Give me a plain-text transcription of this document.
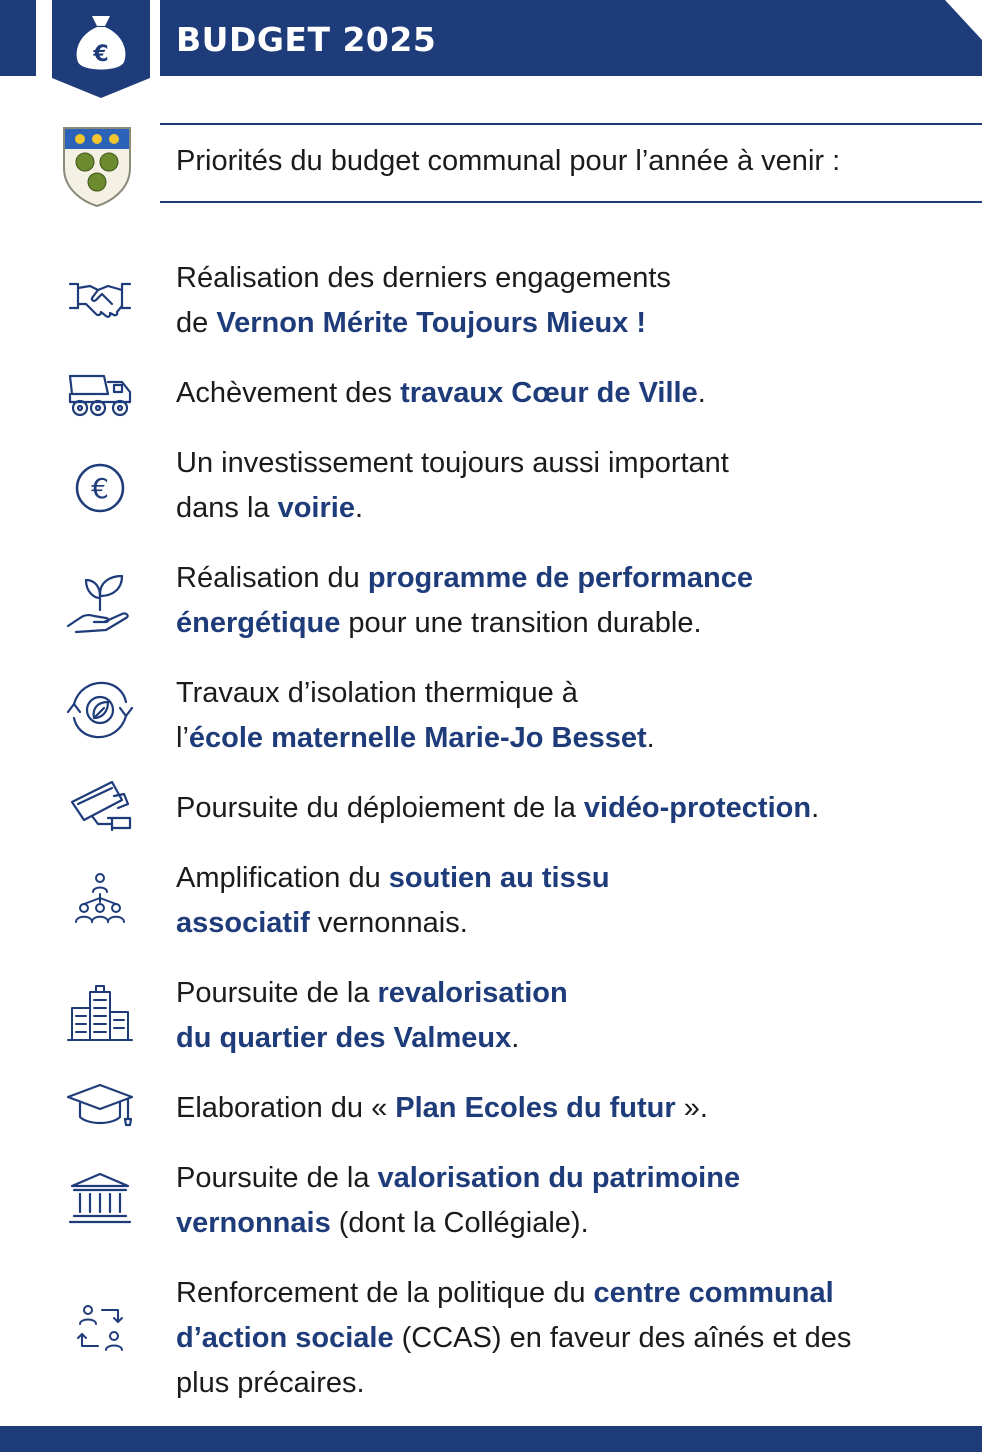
€ BUDGET 2025
Priorités du budget communal pour l’année à venir :
Réalisation des derniers engagements
de Vernon Mérite Toujours Mieux !
Achèvement des travaux Cœur de Ville.
€
Un investissement toujours aussi important
dans la voirie.
Réalisation du programme de performance
énergétique pour une transition durable.
Travaux d’isolation thermique à
l’école maternelle Marie-Jo Besset.
Poursuite du déploiement de la vidéo-protection.
Amplification du soutien au tissu
associatif vernonnais.
Poursuite de la revalorisation
du quartier des Valmeux.
Elaboration du « Plan Ecoles du futur ».
Poursuite de la valorisation du patrimoine
vernonnais (dont la Collégiale).
Renforcement de la politique du centre communal
d’action sociale (CCAS) en faveur des aînés et des
plus précaires.
